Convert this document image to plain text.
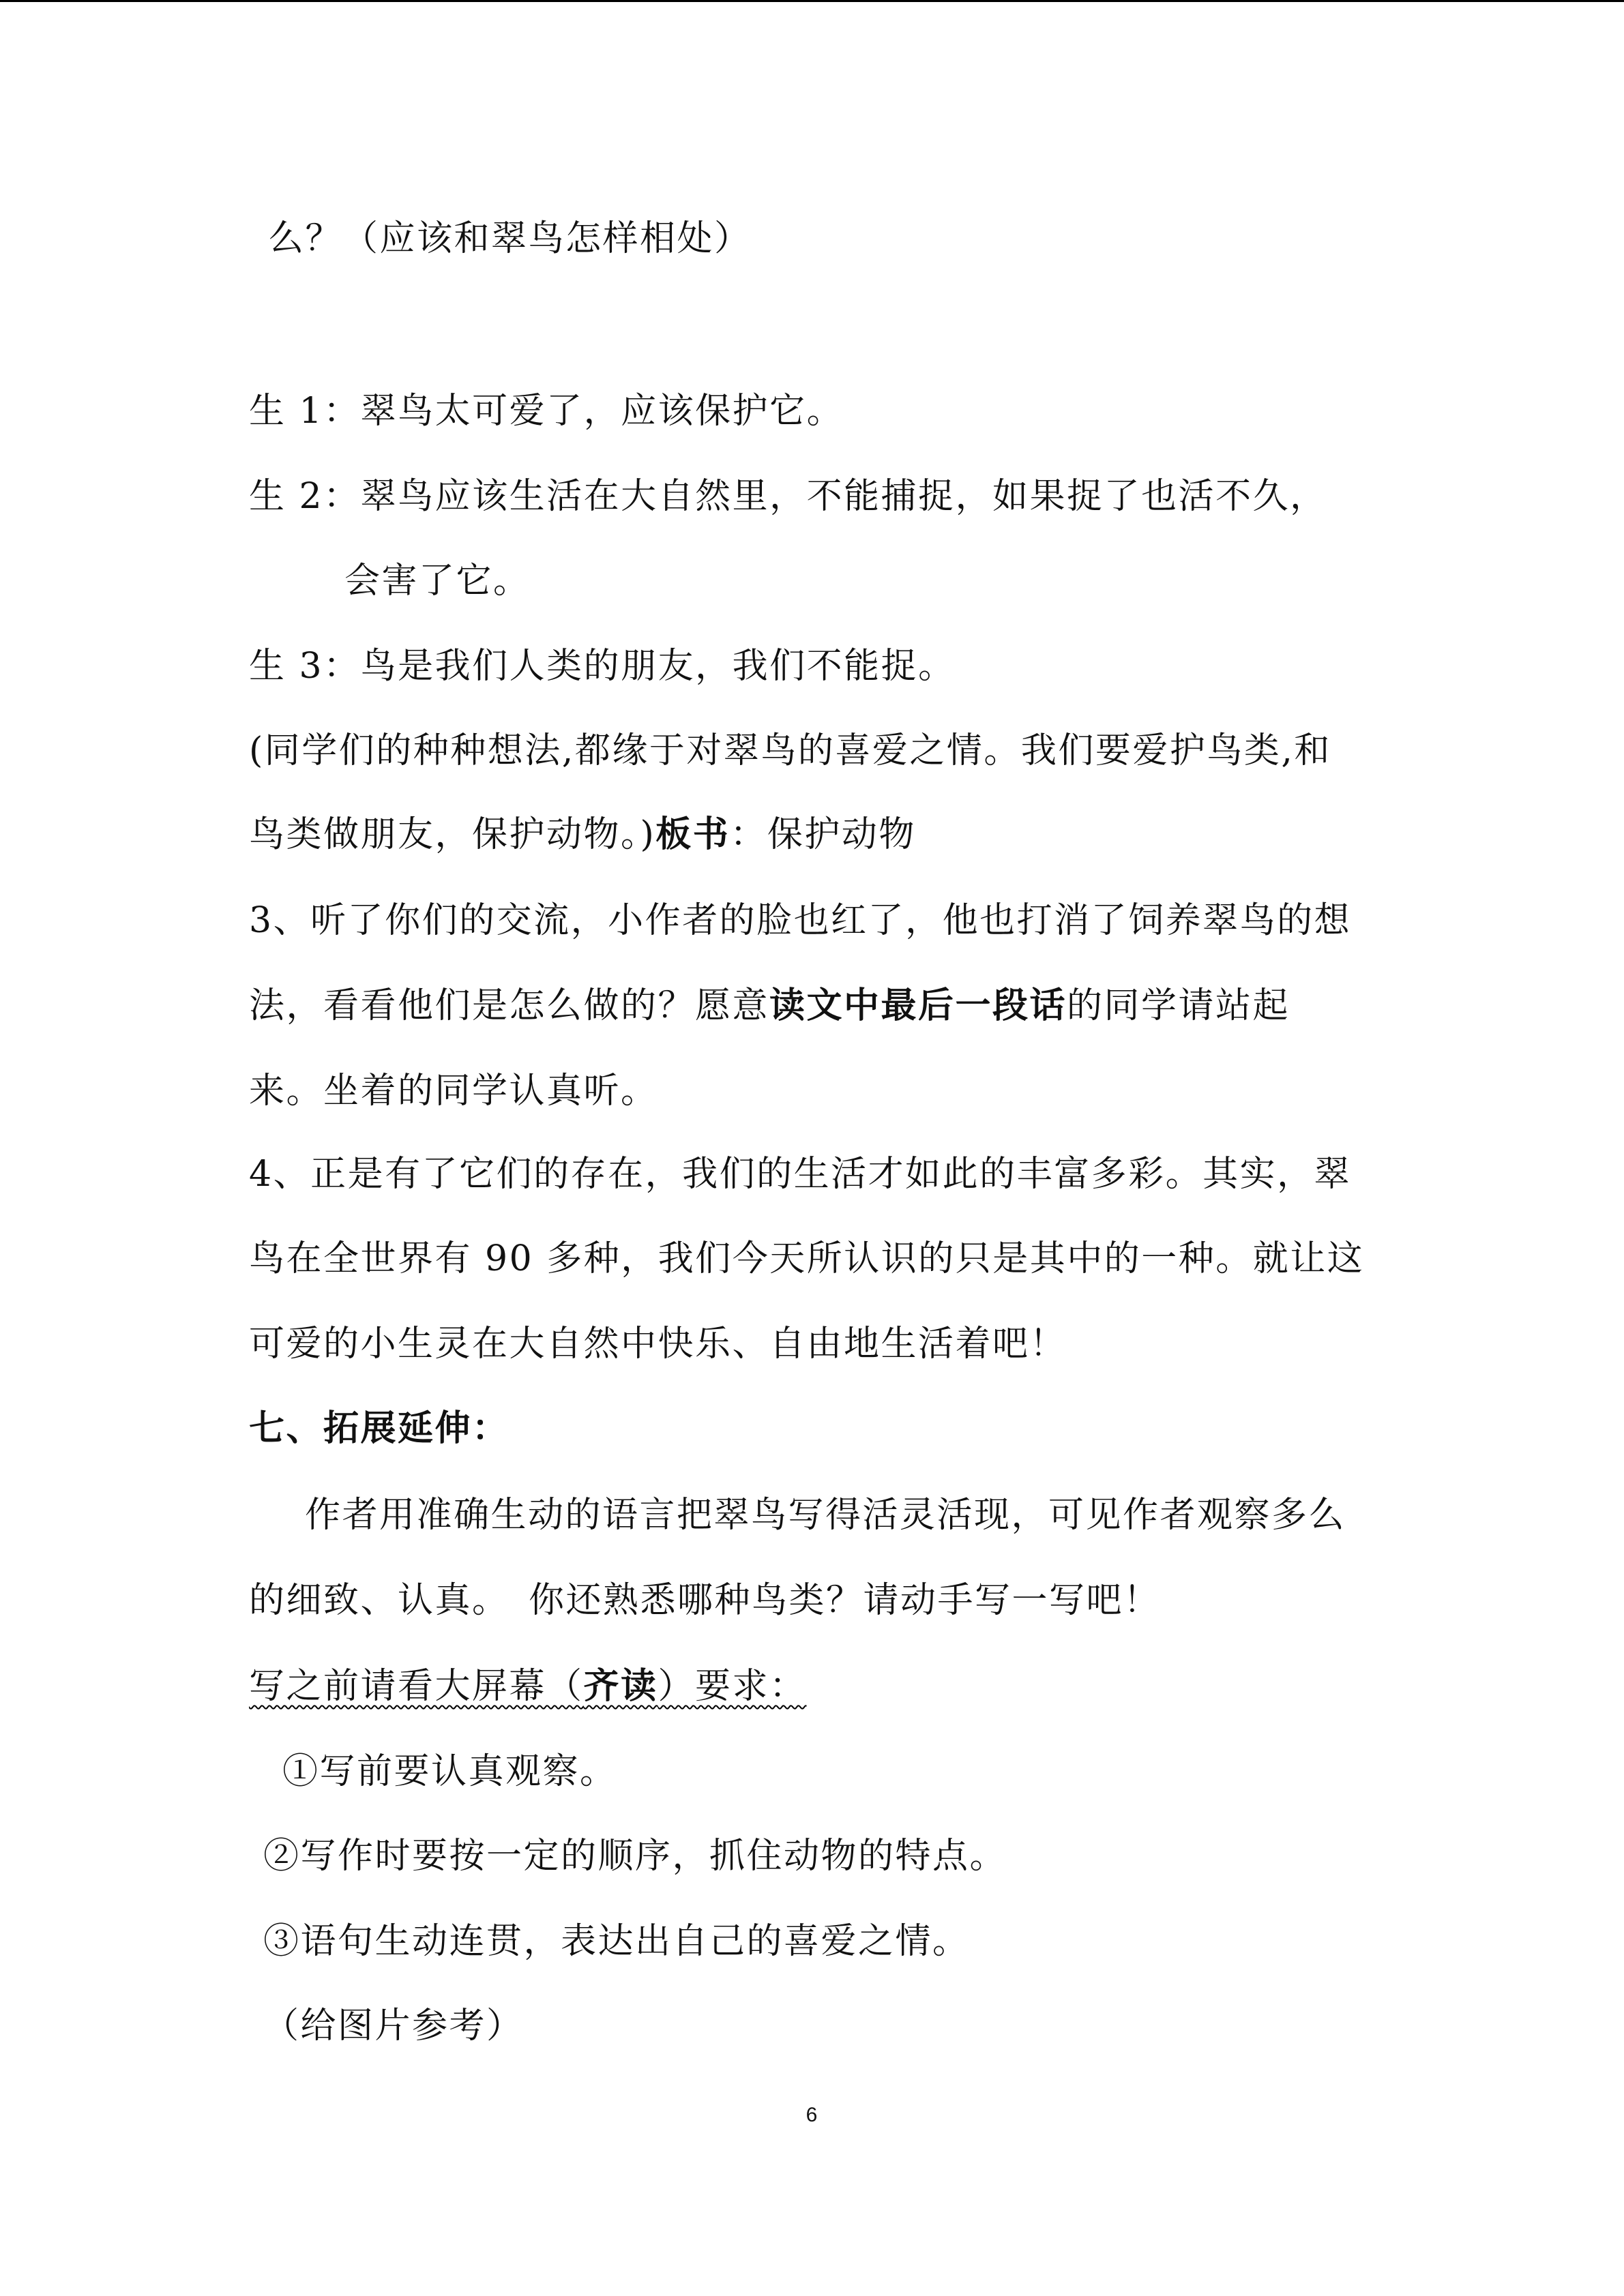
么？（应该和翠鸟怎样相处）
生 1：翠鸟太可爱了，应该保护它。
生 2：翠鸟应该生活在大自然里，不能捕捉，如果捉了也活不久，
会害了它。
生 3：鸟是我们人类的朋友，我们不能捉。
(同学们的种种想法,都缘于对翠鸟的喜爱之情。我们要爱护鸟类,和
鸟类做朋友，保护动物。)板书：保护动物
3、听了你们的交流，小作者的脸也红了，他也打消了饲养翠鸟的想
法，看看他们是怎么做的？愿意读文中最后一段话的同学请站起
来。坐着的同学认真听。
4、正是有了它们的存在，我们的生活才如此的丰富多彩。其实，翠
鸟在全世界有 90 多种，我们今天所认识的只是其中的一种。就让这
可爱的小生灵在大自然中快乐、自由地生活着吧！
七、拓展延伸：
作者用准确生动的语言把翠鸟写得活灵活现，可见作者观察多么
的细致、认真。　你还熟悉哪种鸟类？请动手写一写吧！
写之前请看大屏幕（齐读）要求：
①写前要认真观察。
②写作时要按一定的顺序，抓住动物的特点。
③语句生动连贯，表达出自己的喜爱之情。
（给图片参考）
6
